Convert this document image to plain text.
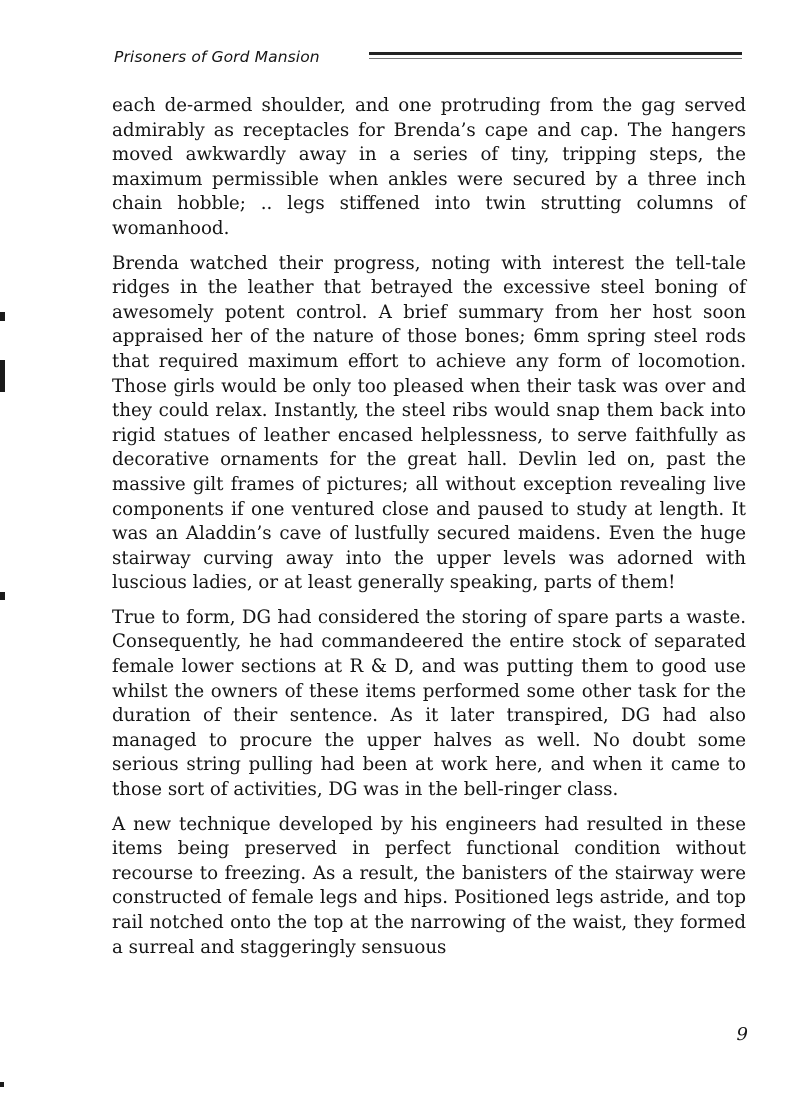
Prisoners of Gord Mansion

each de-armed shoulder, and one protruding from the gag served admirably as receptacles for Brenda’s cape and cap. The hangers moved awkwardly away in a series of tiny, tripping steps, the maximum permissible when ankles were secured by a three inch chain hobble; .. legs stiffened into twin strutting columns of womanhood.

Brenda watched their progress, noting with interest the tell-tale ridges in the leather that betrayed the excessive steel boning of awesomely potent control. A brief summary from her host soon appraised her of the nature of those bones; 6mm spring steel rods that required maximum effort to achieve any form of locomotion. Those girls would be only too pleased when their task was over and they could relax. Instantly, the steel ribs would snap them back into rigid statues of leather encased helplessness, to serve faithfully as decorative ornaments for the great hall. Devlin led on, past the massive gilt frames of pictures; all without exception revealing live components if one ventured close and paused to study at length. It was an Aladdin’s cave of lustfully secured maidens. Even the huge stairway curving away into the upper levels was adorned with luscious ladies, or at least generally speaking, parts of them!

True to form, DG had considered the storing of spare parts a waste. Consequently, he had commandeered the entire stock of separated female lower sections at R & D, and was putting them to good use whilst the owners of these items performed some other task for the duration of their sentence. As it later transpired, DG had also managed to procure the upper halves as well. No doubt some serious string pulling had been at work here, and when it came to those sort of activities, DG was in the bell-ringer class.

A new technique developed by his engineers had resulted in these items being preserved in perfect functional condition without recourse to freezing. As a result, the banisters of the stairway were constructed of female legs and hips. Positioned legs astride, and top rail notched onto the top at the narrowing of the waist, they formed a surreal and staggeringly sensuous

9
